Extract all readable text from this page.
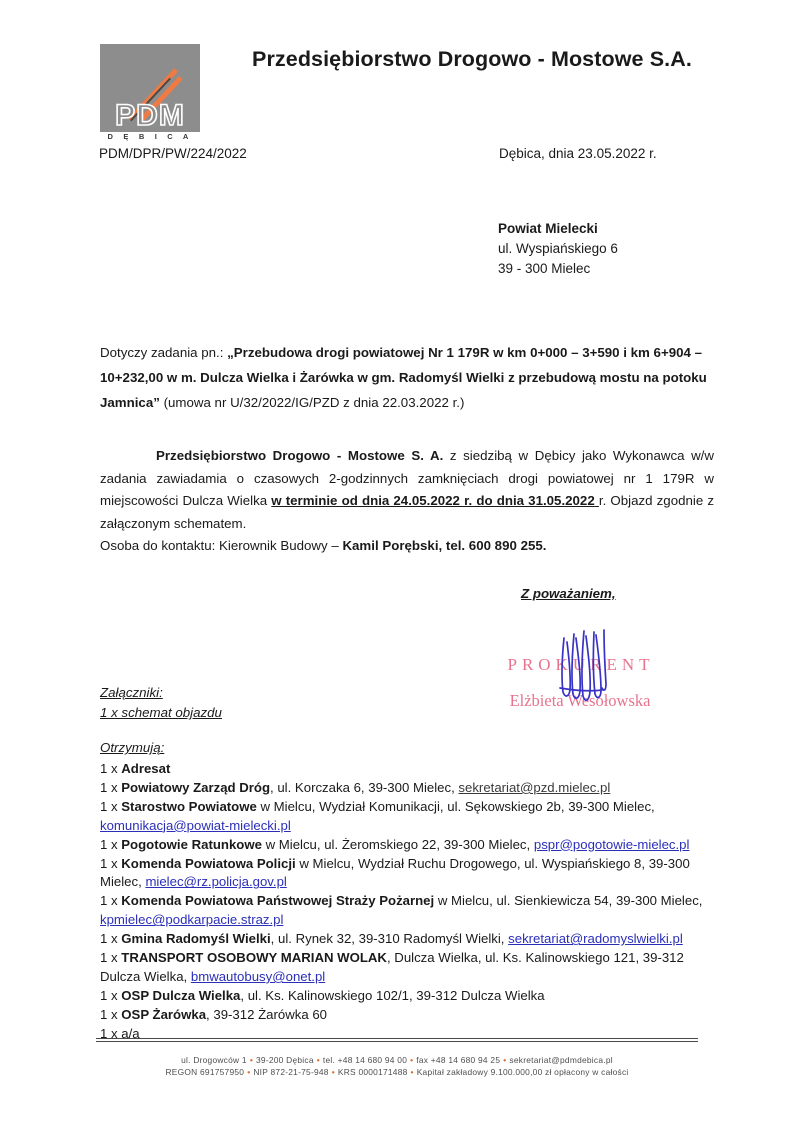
PDM
D Ę B I C A
Przedsiębiorstwo Drogowo - Mostowe S.A.
PDM/DPR/PW/224/2022	Dębica, dnia 23.05.2022 r.
Powiat Mielecki
ul. Wyspiańskiego 6
39 - 300 Mielec
Dotyczy zadania pn.: „Przebudowa drogi powiatowej Nr 1 179R w km 0+000 – 3+590 i km 6+904 – 10+232,00 w m. Dulcza Wielka i Żarówka w gm. Radomyśl Wielki z przebudową mostu na potoku Jamnica” (umowa nr U/32/2022/IG/PZD z dnia 22.03.2022 r.)
Przedsiębiorstwo Drogowo - Mostowe S. A. z siedzibą w Dębicy jako Wykonawca w/w zadania zawiadamia o czasowych 2-godzinnych zamknięciach drogi powiatowej nr 1 179R w miejscowości Dulcza Wielka w terminie od dnia 24.05.2022 r. do dnia 31.05.2022 r. Objazd zgodnie z załączonym schematem.
Osoba do kontaktu: Kierownik Budowy – Kamil Porębski, tel. 600 890 255.
Z poważaniem,
PROKURENT
Elżbieta Wesołowska
Załączniki:
1 x schemat objazdu
Otrzymują:
1 x Adresat
1 x Powiatowy Zarząd Dróg, ul. Korczaka 6, 39-300 Mielec, sekretariat@pzd.mielec.pl
1 x Starostwo Powiatowe w Mielcu, Wydział Komunikacji, ul. Sękowskiego 2b, 39-300 Mielec, komunikacja@powiat-mielecki.pl
1 x Pogotowie Ratunkowe w Mielcu, ul. Żeromskiego 22, 39-300 Mielec, pspr@pogotowie-mielec.pl
1 x Komenda Powiatowa Policji w Mielcu, Wydział Ruchu Drogowego, ul. Wyspiańskiego 8, 39-300 Mielec, mielec@rz.policja.gov.pl
1 x Komenda Powiatowa Państwowej Straży Pożarnej w Mielcu, ul. Sienkiewicza 54, 39-300 Mielec, kpmielec@podkarpacie.straz.pl
1 x Gmina Radomyśl Wielki, ul. Rynek 32, 39-310 Radomyśl Wielki, sekretariat@radomyslwielki.pl
1 x TRANSPORT OSOBOWY MARIAN WOLAK, Dulcza Wielka, ul. Ks. Kalinowskiego 121, 39-312 Dulcza Wielka, bmwautobusy@onet.pl
1 x OSP Dulcza Wielka, ul. Ks. Kalinowskiego 102/1, 39-312 Dulcza Wielka
1 x OSP Żarówka, 39-312 Żarówka 60
1 x a/a
ul. Drogowców 1 • 39-200 Dębica • tel. +48 14 680 94 00 • fax +48 14 680 94 25 • sekretariat@pdmdebica.pl
REGON 691757950 • NIP 872-21-75-948 • KRS 0000171488 • Kapitał zakładowy 9.100.000,00 zł opłacony w całości
